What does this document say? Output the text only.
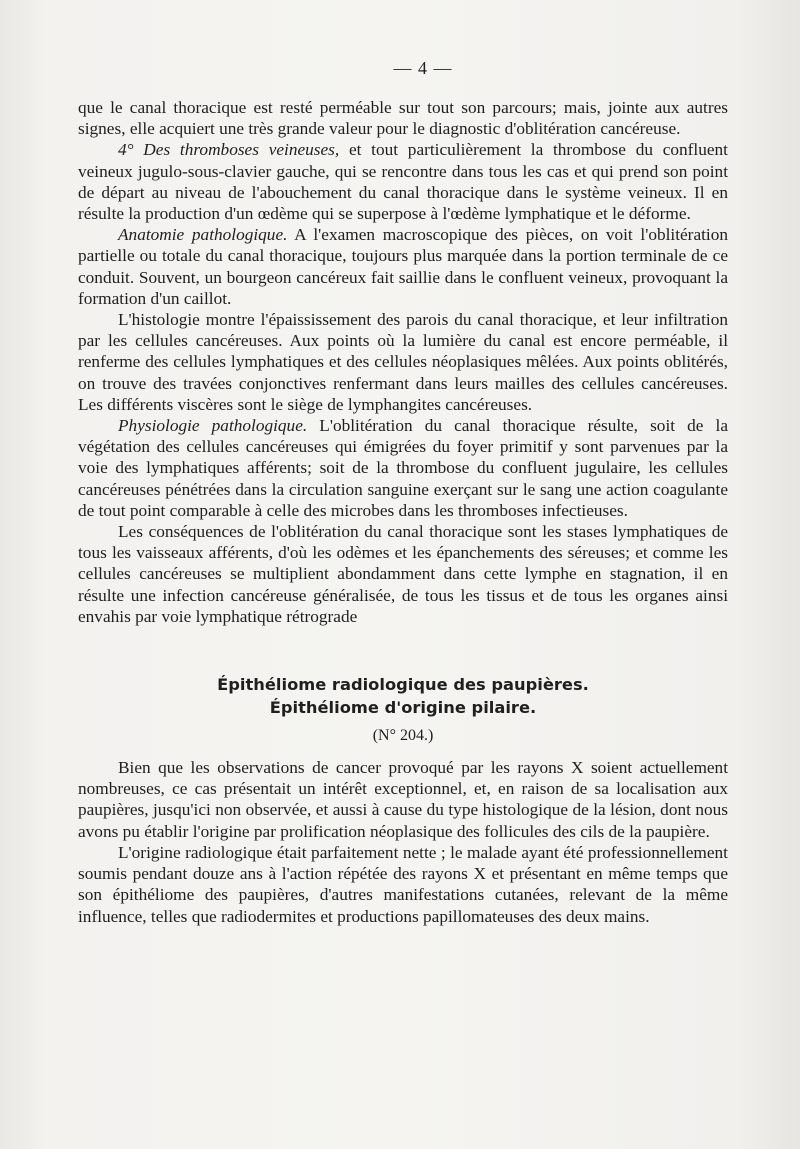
— 4 —

que le canal thoracique est resté perméable sur tout son parcours; mais, jointe aux autres signes, elle acquiert une très grande valeur pour le diagnostic d'oblitération cancéreuse.

4° Des thromboses veineuses, et tout particulièrement la thrombose du confluent veineux jugulo-sous-clavier gauche, qui se rencontre dans tous les cas et qui prend son point de départ au niveau de l'abouchement du canal thoracique dans le système veineux. Il en résulte la production d'un œdème qui se superpose à l'œdème lymphatique et le déforme.

Anatomie pathologique. A l'examen macroscopique des pièces, on voit l'oblitération partielle ou totale du canal thoracique, toujours plus marquée dans la portion terminale de ce conduit. Souvent, un bourgeon cancéreux fait saillie dans le confluent veineux, provoquant la formation d'un caillot.

L'histologie montre l'épaississement des parois du canal thoracique, et leur infiltration par les cellules cancéreuses. Aux points où la lumière du canal est encore perméable, il renferme des cellules lymphatiques et des cellules néoplasiques mêlées. Aux points oblitérés, on trouve des travées conjonctives renfermant dans leurs mailles des cellules cancéreuses. Les différents viscères sont le siège de lymphangites cancéreuses.

Physiologie pathologique. L'oblitération du canal thoracique résulte, soit de la végétation des cellules cancéreuses qui émigrées du foyer primitif y sont parvenues par la voie des lymphatiques afférents; soit de la thrombose du confluent jugulaire, les cellules cancéreuses pénétrées dans la circulation sanguine exerçant sur le sang une action coagulante de tout point comparable à celle des microbes dans les thromboses infectieuses.

Les conséquences de l'oblitération du canal thoracique sont les stases lymphatiques de tous les vaisseaux afférents, d'où les odèmes et les épanchements des séreuses; et comme les cellules cancéreuses se multiplient abondamment dans cette lymphe en stagnation, il en résulte une infection cancéreuse généralisée, de tous les tissus et de tous les organes ainsi envahis par voie lymphatique rétrograde

Épithéliome radiologique des paupières.
Épithéliome d'origine pilaire.
(N° 204.)

Bien que les observations de cancer provoqué par les rayons X soient actuellement nombreuses, ce cas présentait un intérêt exceptionnel, et, en raison de sa localisation aux paupières, jusqu'ici non observée, et aussi à cause du type histologique de la lésion, dont nous avons pu établir l'origine par prolification néoplasique des follicules des cils de la paupière.

L'origine radiologique était parfaitement nette ; le malade ayant été professionnellement soumis pendant douze ans à l'action répétée des rayons X et présentant en même temps que son épithéliome des paupières, d'autres manifestations cutanées, relevant de la même influence, telles que radiodermites et productions papillomateuses des deux mains.
